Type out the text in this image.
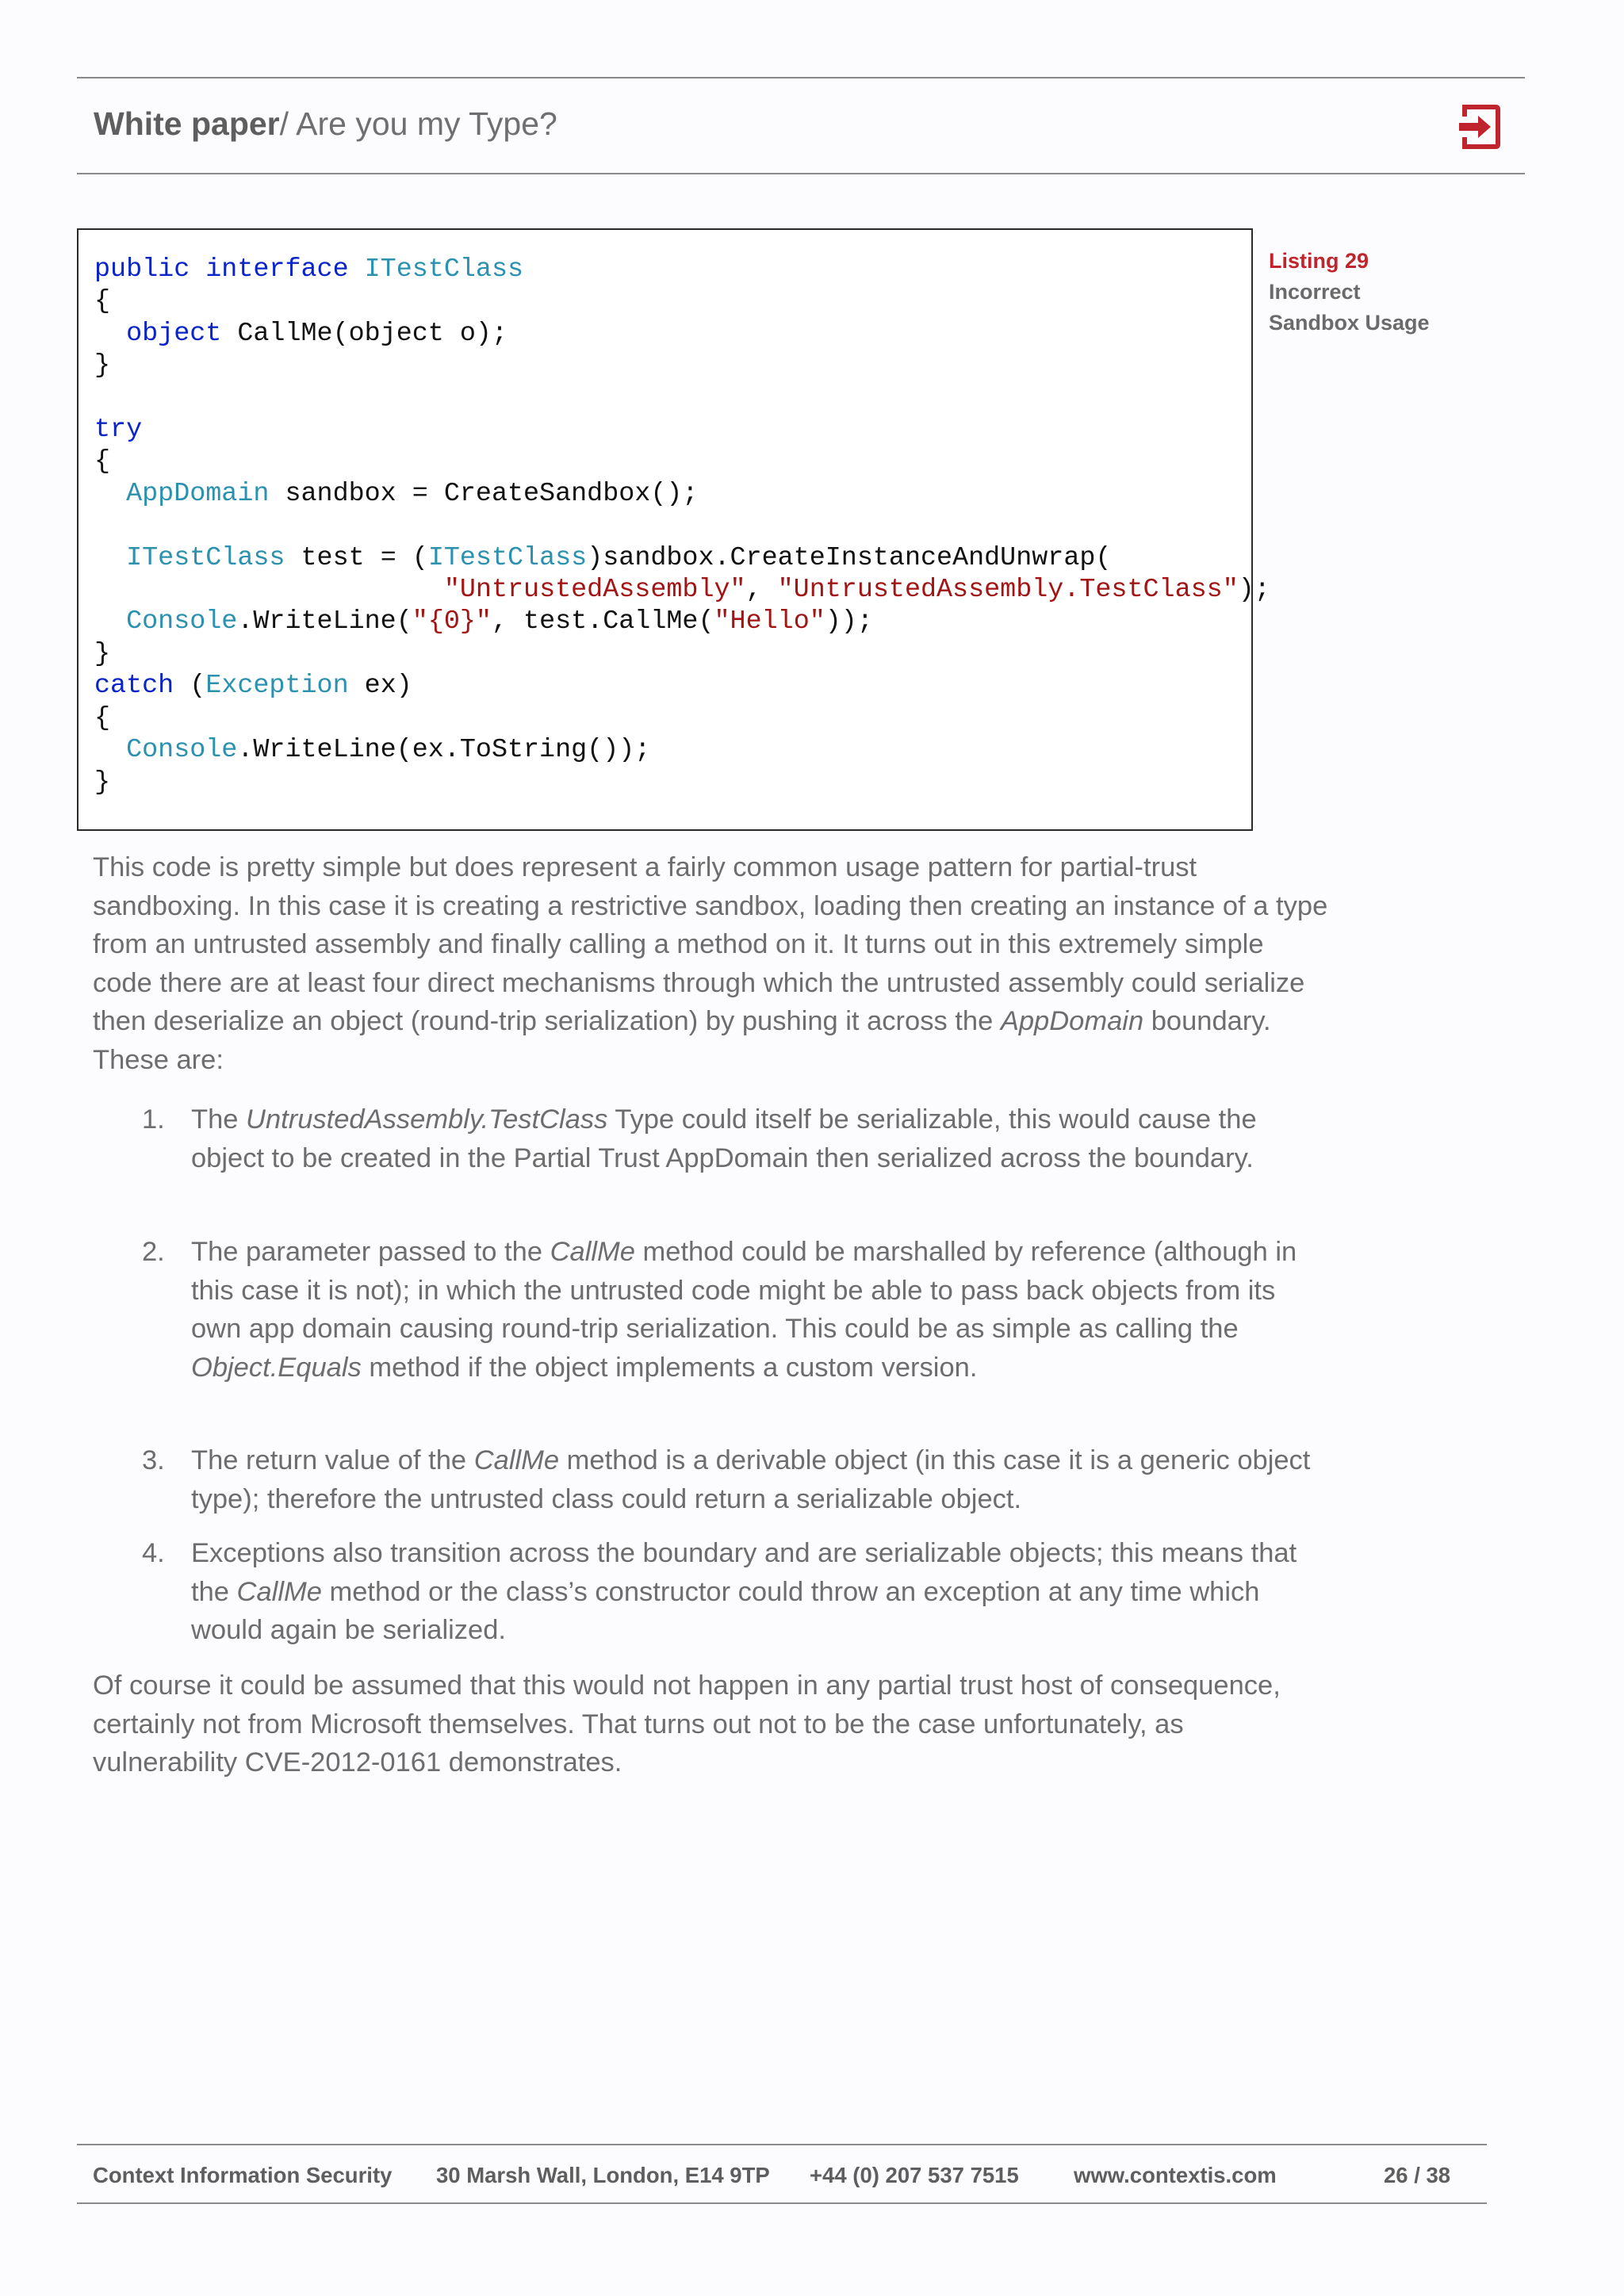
White paper/ Are you my Type?
public interface ITestClass
{
object CallMe(object o);
}

try
{
AppDomain sandbox = CreateSandbox();

ITestClass test = (ITestClass)sandbox.CreateInstanceAndUnwrap(
"UntrustedAssembly", "UntrustedAssembly.TestClass");
Console.WriteLine("{0}", test.CallMe("Hello"));
}
catch (Exception ex)
{
Console.WriteLine(ex.ToString());
}
Listing 29
Incorrect
Sandbox Usage

This code is pretty simple but does represent a fairly common usage pattern for partial-trust sandboxing. In this case it is creating a restrictive sandbox, loading then creating an instance of a type from an untrusted assembly and finally calling a method on it. It turns out in this extremely simple code there are at least four direct mechanisms through which the untrusted assembly could serialize then deserialize an object (round-trip serialization) by pushing it across the AppDomain boundary. These are:

1. The UntrustedAssembly.TestClass Type could itself be serializable, this would cause the object to be created in the Partial Trust AppDomain then serialized across the boundary.

2. The parameter passed to the CallMe method could be marshalled by reference (although in this case it is not); in which the untrusted code might be able to pass back objects from its own app domain causing round-trip serialization. This could be as simple as calling the Object.Equals method if the object implements a custom version.

3. The return value of the CallMe method is a derivable object (in this case it is a generic object type); therefore the untrusted class could return a serializable object.

4. Exceptions also transition across the boundary and are serializable objects; this means that the CallMe method or the class’s constructor could throw an exception at any time which would again be serialized.

Of course it could be assumed that this would not happen in any partial trust host of consequence, certainly not from Microsoft themselves. That turns out not to be the case unfortunately, as vulnerability CVE-2012-0161 demonstrates.

Context Information Security 30 Marsh Wall, London, E14 9TP +44 (0) 207 537 7515	www.contextis.com	26 / 38
